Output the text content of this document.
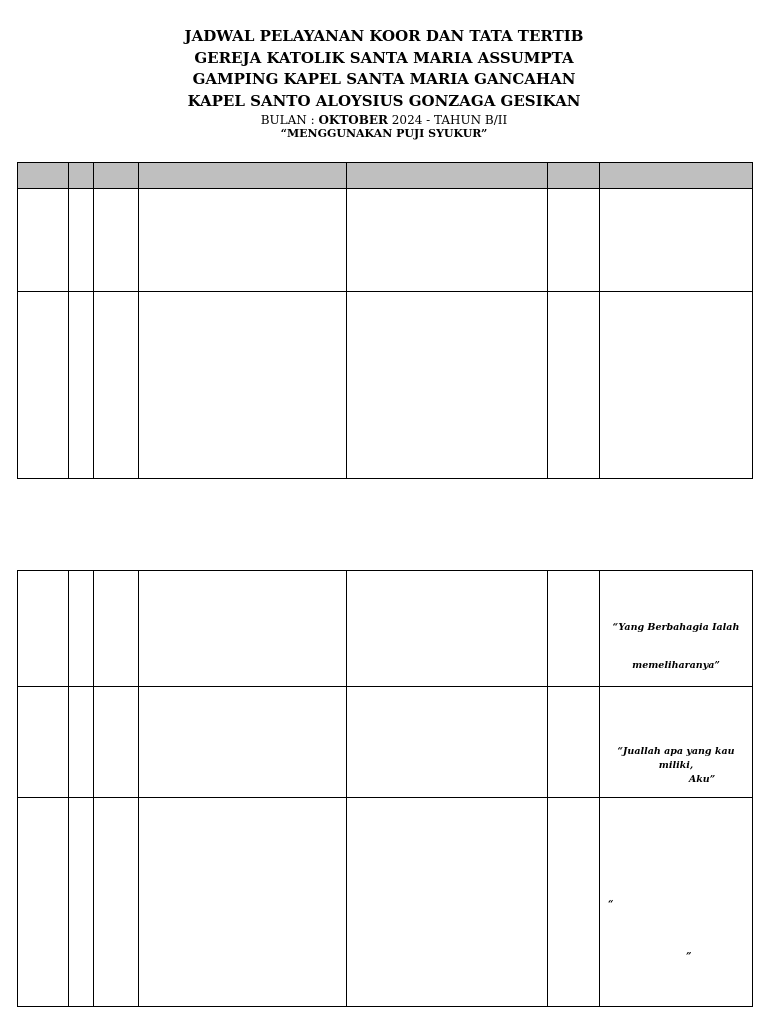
JADWAL PELAYANAN KOOR DAN TATA TERTIB
GEREJA KATOLIK SANTA MARIA ASSUMPTA
GAMPING KAPEL SANTA MARIA GANCAHAN
KAPEL SANTO ALOYSIUS GONZAGA GESIKAN
BULAN : OKTOBER 2024 - TAHUN B/II
“MENGGUNAKAN PUJI SYUKUR”

						“Yang Berbahagia Ialah
memeliharanya”

						“Juallah apa yang kau miliki,
Aku”

						“
”
